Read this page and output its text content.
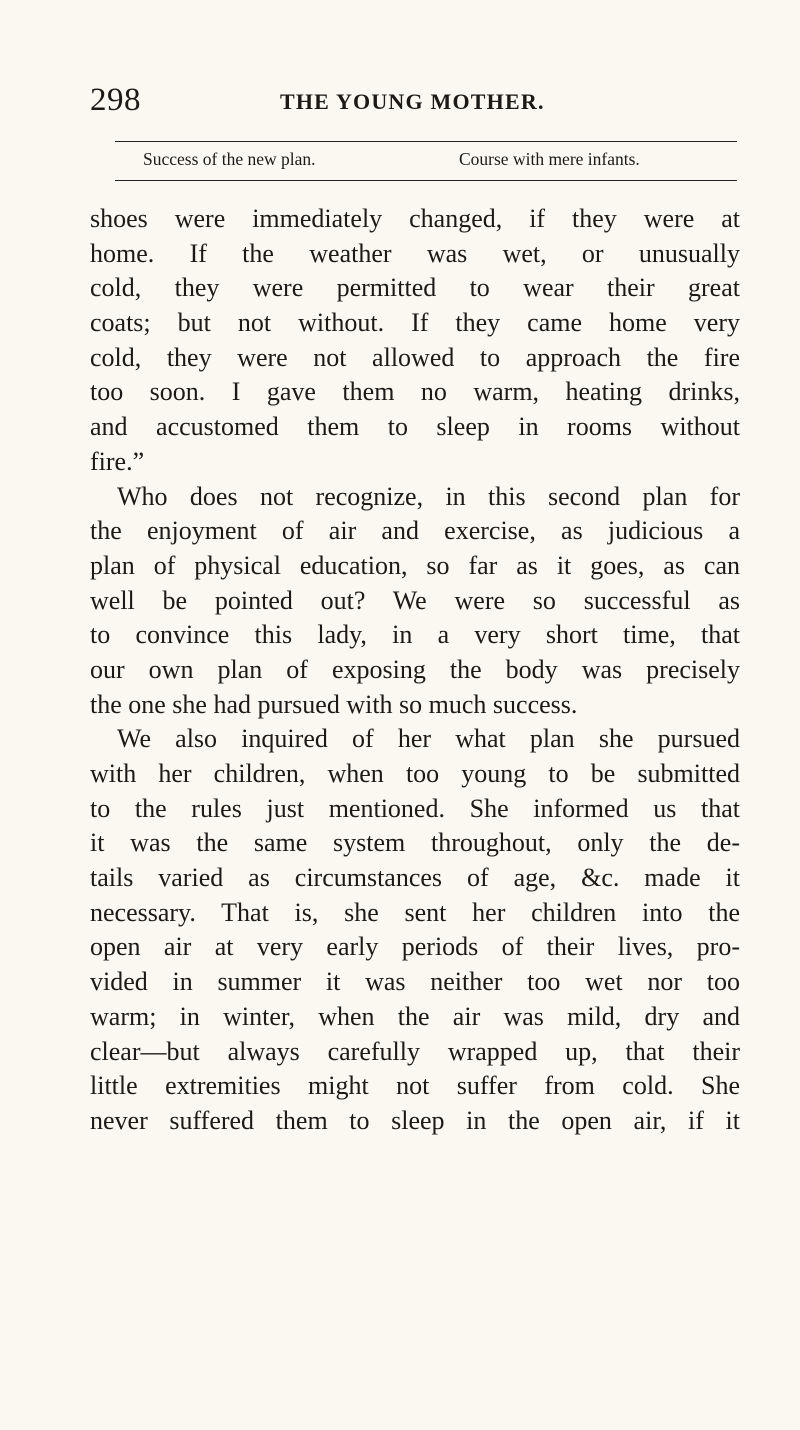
298	THE YOUNG MOTHER.
Success of the new plan.	Course with mere infants.
shoes were immediately changed, if they were at
home. If the weather was wet, or unusually
cold, they were permitted to wear their great
coats; but not without. If they came home very
cold, they were not allowed to approach the fire
too soon. I gave them no warm, heating drinks,
and accustomed them to sleep in rooms without
fire.”
Who does not recognize, in this second plan for
the enjoyment of air and exercise, as judicious a
plan of physical education, so far as it goes, as can
well be pointed out? We were so successful as
to convince this lady, in a very short time, that
our own plan of exposing the body was precisely
the one she had pursued with so much success.
We also inquired of her what plan she pursued
with her children, when too young to be submitted
to the rules just mentioned. She informed us that
it was the same system throughout, only the de-
tails varied as circumstances of age, &c. made it
necessary. That is, she sent her children into the
open air at very early periods of their lives, pro-
vided in summer it was neither too wet nor too
warm; in winter, when the air was mild, dry and
clear—but always carefully wrapped up, that their
little extremities might not suffer from cold. She
never suffered them to sleep in the open air, if it
